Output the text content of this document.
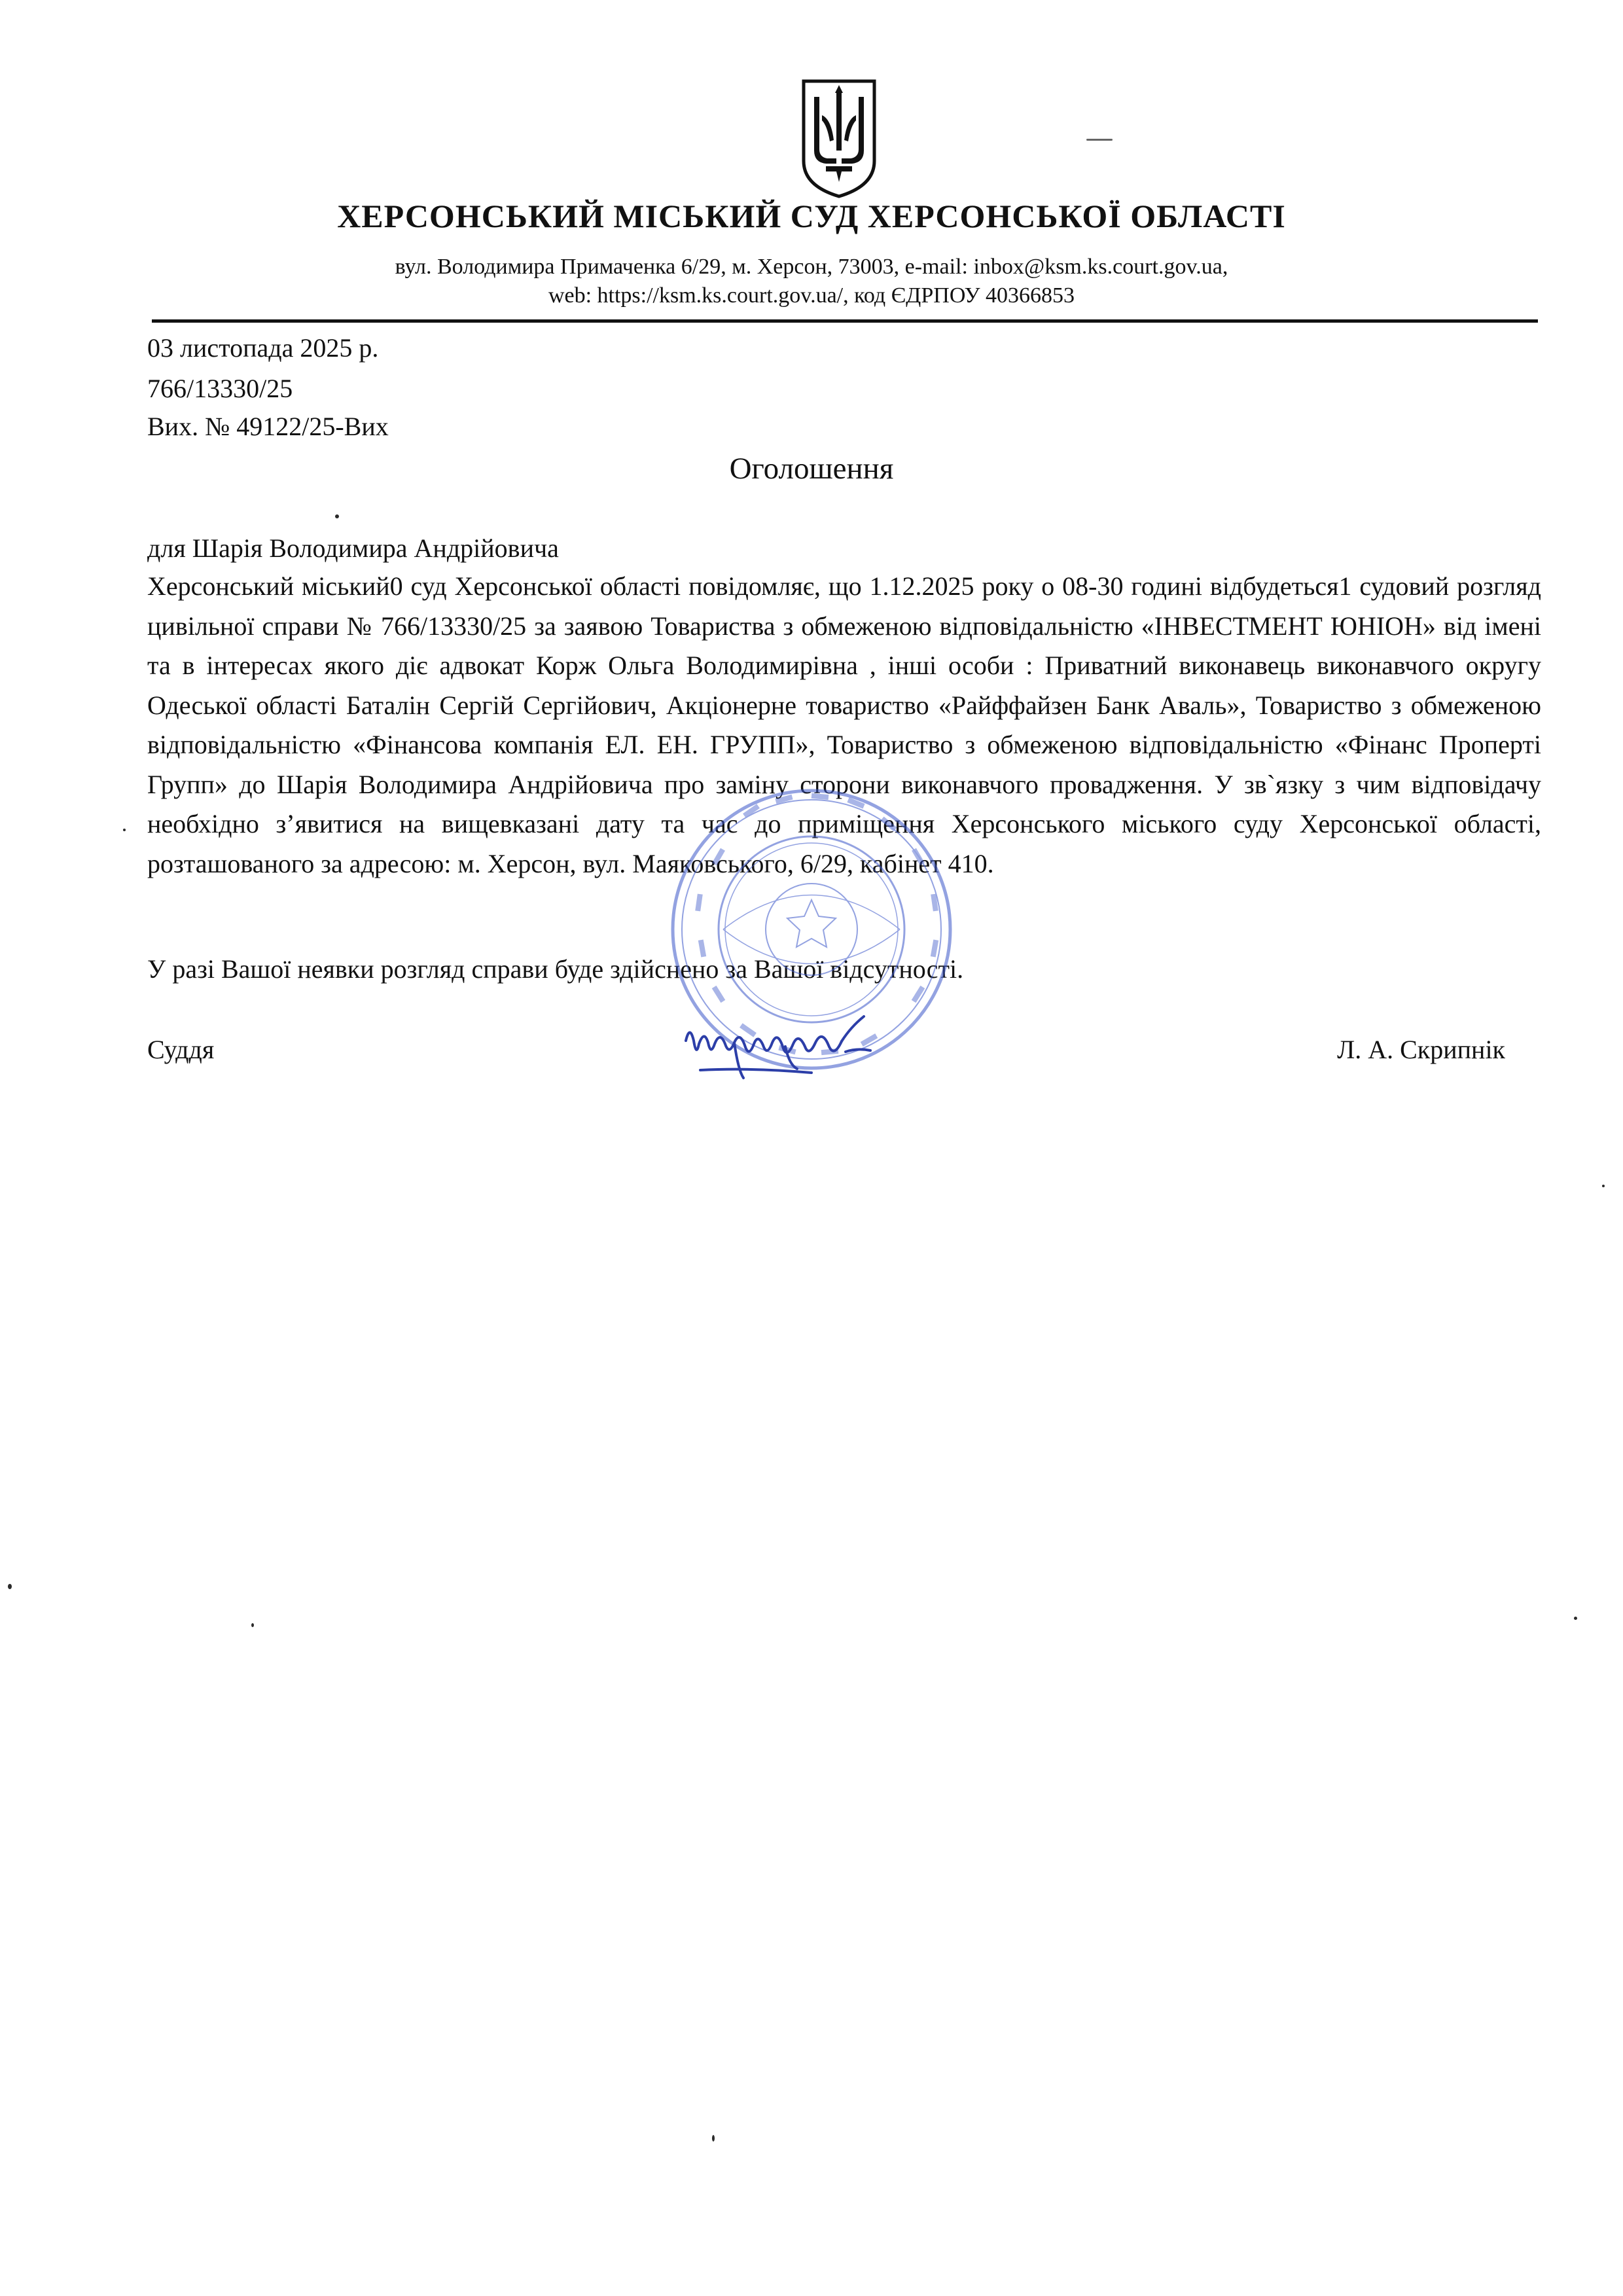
ХЕРСОНСЬКИЙ МІСЬКИЙ СУД ХЕРСОНСЬКОЇ ОБЛАСТІ
вул. Володимира Примаченка 6/29, м. Херсон, 73003, e-mail: inbox@ksm.ks.court.gov.ua,
web: https://ksm.ks.court.gov.ua/, код ЄДРПОУ 40366853
03 листопада 2025 р.
766/13330/25
Вих. № 49122/25-Вих
Оголошення
для Шарія Володимира Андрійовича

Херсонський міський0 суд Херсонської області повідомляє, що 1.12.2025 року о 08-30 годині відбудеться1 судовий розгляд цивільної справи № 766/13330/25 за заявою Товариства з обмеженою відповідальністю «ІНВЕСТМЕНТ ЮНІОН» від імені та в інтересах якого діє адвокат Корж Ольга Володимирівна , інші особи : Приватний виконавець виконавчого округу Одеської області Баталін Сергій Сергійович, Акціонерне товариство «Райффайзен Банк Аваль», Товариство з обмеженою відповідальністю «Фінансова компанія ЕЛ. ЕН. ГРУПП», Товариство з обмеженою відповідальністю «Фінанс Проперті Групп» до Шарія Володимира Андрійовича про заміну сторони виконавчого провадження. У зв`язку з чим відповідачу необхідно з’явитися на вищевказані дату та час до приміщення Херсонського міського суду Херсонської області, розташованого за адресою: м. Херсон, вул. Маяковського, 6/29, кабінет 410.

У разі Вашої неявки розгляд справи буде здійснено за Вашої відсутності.
Суддя	Л. А. Скрипнік
